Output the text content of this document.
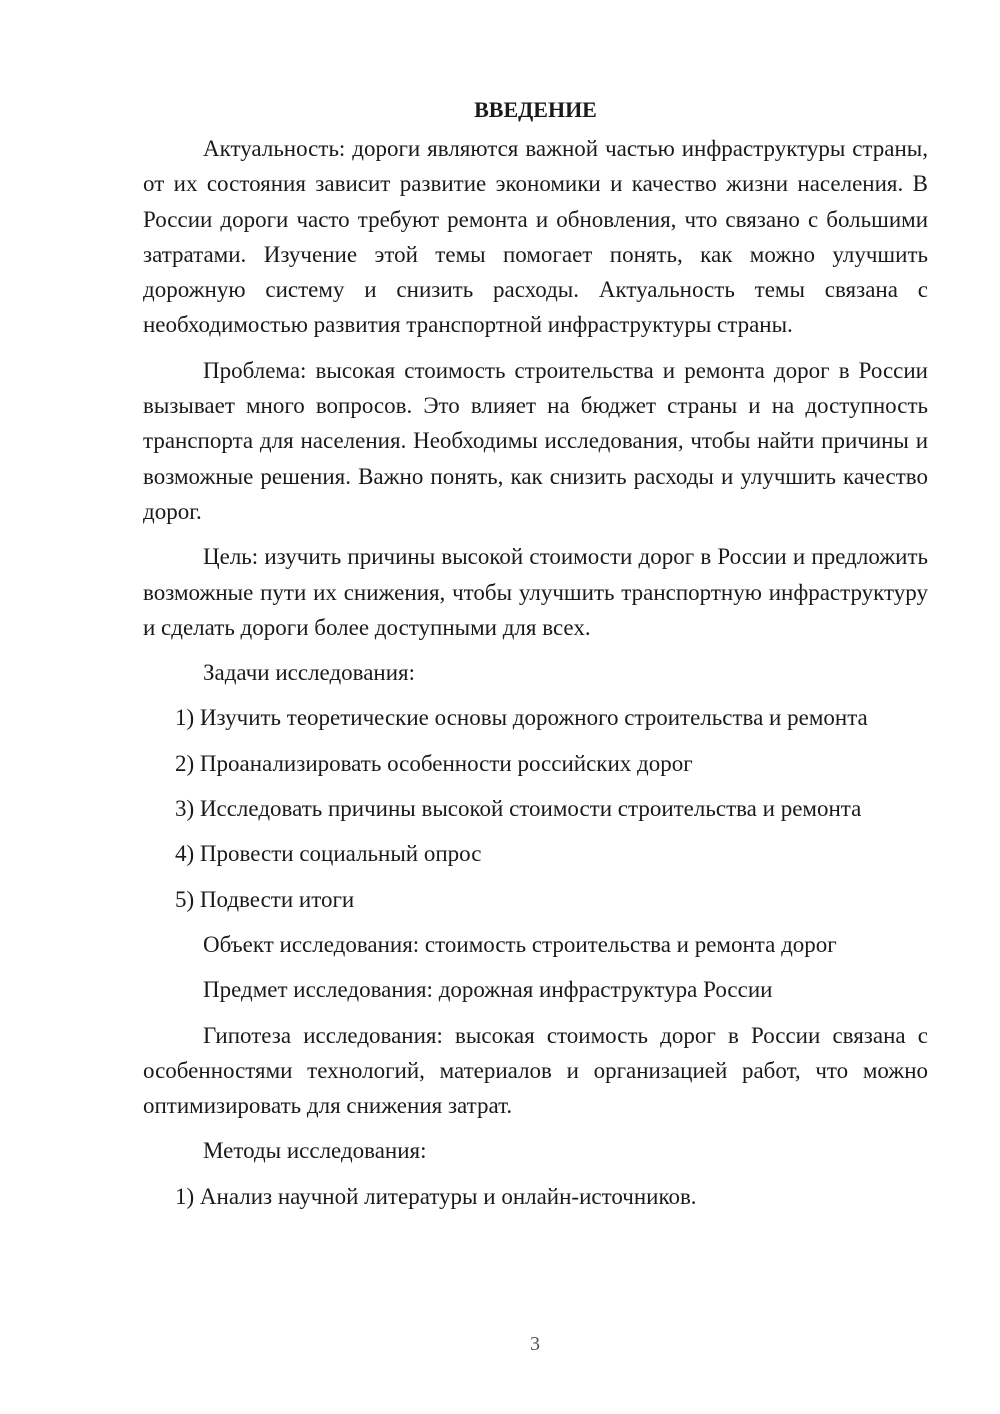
ВВЕДЕНИЕ

Актуальность: дороги являются важной частью инфраструктуры страны, от их состояния зависит развитие экономики и качество жизни населения. В России дороги часто требуют ремонта и обновления, что связано с большими затратами. Изучение этой темы помогает понять, как можно улучшить дорожную систему и снизить расходы. Актуальность темы связана с необходимостью развития транспортной инфраструктуры страны.

Проблема: высокая стоимость строительства и ремонта дорог в России вызывает много вопросов. Это влияет на бюджет страны и на доступность транспорта для населения. Необходимы исследования, чтобы найти причины и возможные решения. Важно понять, как снизить расходы и улучшить качество дорог.

Цель: изучить причины высокой стоимости дорог в России и предложить возможные пути их снижения, чтобы улучшить транспортную инфраструктуру и сделать дороги более доступными для всех.

Задачи исследования:

1) Изучить теоретические основы дорожного строительства и ремонта

2) Проанализировать особенности российских дорог

3) Исследовать причины высокой стоимости строительства и ремонта

4) Провести социальный опрос

5) Подвести итоги

Объект исследования: стоимость строительства и ремонта дорог

Предмет исследования: дорожная инфраструктура России

Гипотеза исследования: высокая стоимость дорог в России связана с особенностями технологий, материалов и организацией работ, что можно оптимизировать для снижения затрат.

Методы исследования:

1) Анализ научной литературы и онлайн-источников.

3
